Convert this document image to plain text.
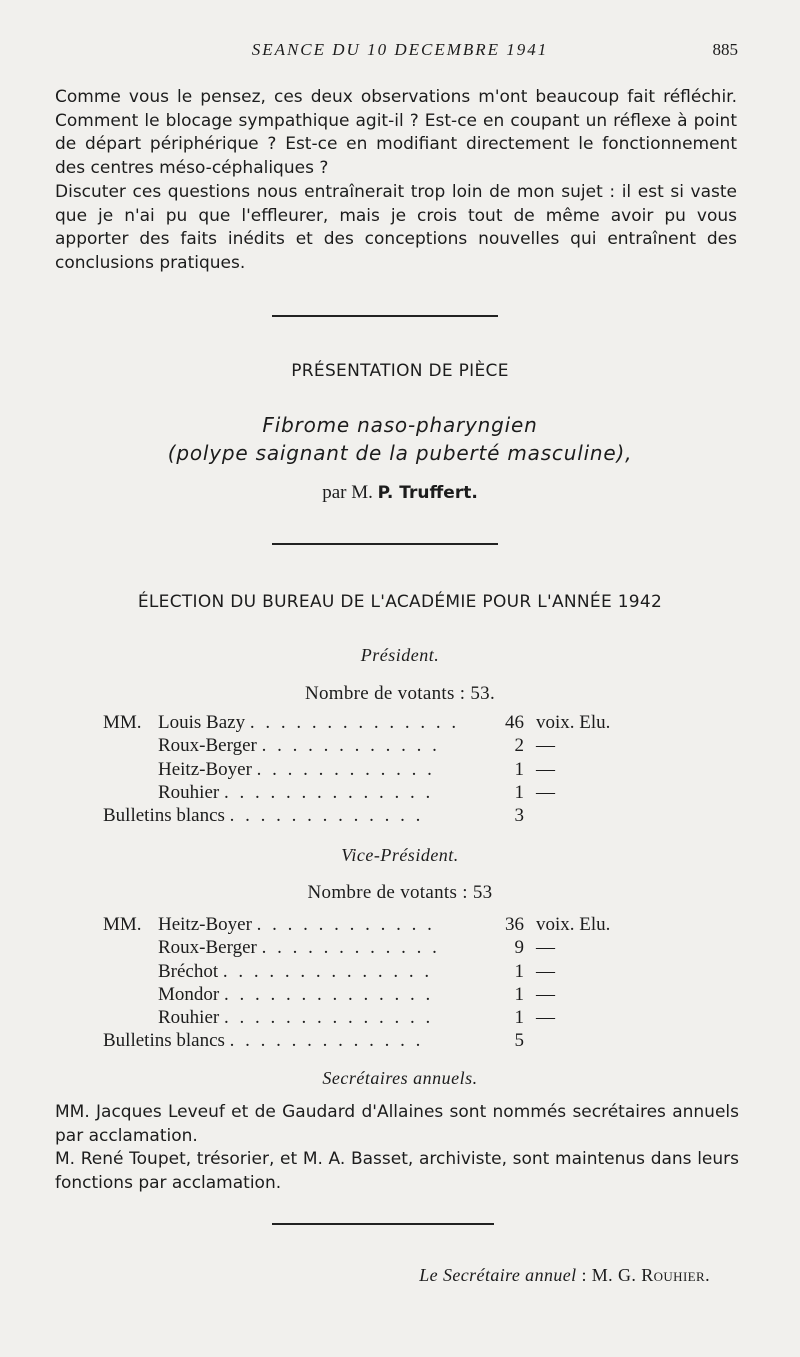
SEANCE DU 10 DECEMBRE 1941	885
Comme vous le pensez, ces deux observations m'ont beaucoup fait réfléchir. Comment le blocage sympathique agit-il ? Est-ce en coupant un réflexe à point de départ périphérique ? Est-ce en modifiant directement le fonctionnement des centres méso-céphaliques ?
Discuter ces questions nous entraînerait trop loin de mon sujet : il est si vaste que je n'ai pu que l'effleurer, mais je crois tout de même avoir pu vous apporter des faits inédits et des conceptions nouvelles qui entraînent des conclusions pratiques.
PRÉSENTATION DE PIÈCE
Fibrome naso-pharyngien
(polype saignant de la puberté masculine),
par M. P. Truffert.
ÉLECTION DU BUREAU DE L'ACADÉMIE POUR L'ANNÉE 1942
Président.
Nombre de votants : 53.
MM. Louis Bazy . . . . . . . . . . . . . .	46 voix. Elu.
Roux-Berger . . . . . . . . . . . .	2 —
Heitz-Boyer . . . . . . . . . . . .	1 —
Rouhier . . . . . . . . . . . . . .	1 —
Bulletins blancs . . . . . . . . . . . . .	3
Vice-Président.
Nombre de votants : 53
MM. Heitz-Boyer . . . . . . . . . . . .	36 voix. Elu.
Roux-Berger . . . . . . . . . . . .	9 —
Bréchot . . . . . . . . . . . . . .	1 —
Mondor . . . . . . . . . . . . . .	1 —
Rouhier . . . . . . . . . . . . . .	1 —
Bulletins blancs . . . . . . . . . . . . .	5
Secrétaires annuels.
MM. Jacques Leveuf et de Gaudard d'Allaines sont nommés secrétaires annuels par acclamation.
M. René Toupet, trésorier, et M. A. Basset, archiviste, sont maintenus dans leurs fonctions par acclamation.
Le Secrétaire annuel : M. G. Rouhier.
